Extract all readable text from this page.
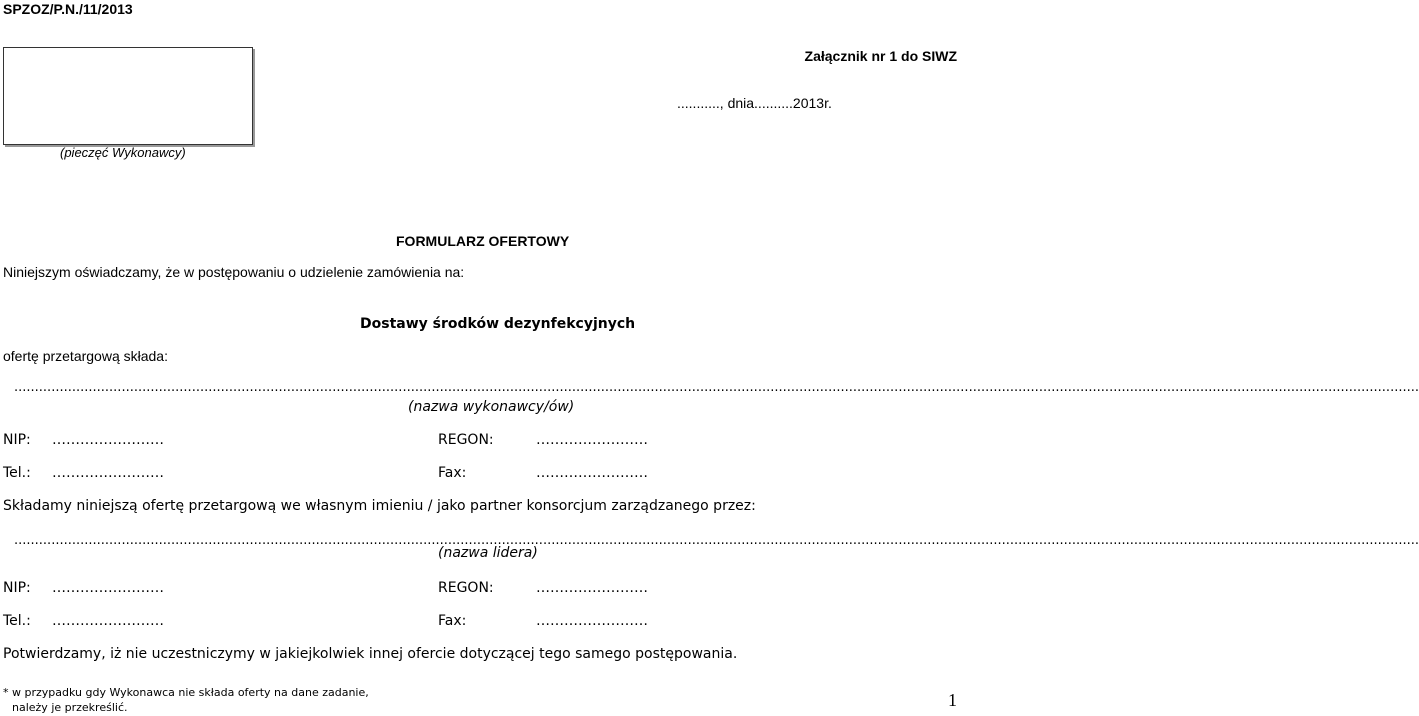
SPZOZ/P.N./11/2013
Załącznik nr 1 do SIWZ
..........., dnia..........2013r.
(pieczęć Wykonawcy)
FORMULARZ OFERTOWY
Niniejszym oświadczamy, że w postępowaniu o udzielenie zamówienia na:
Dostawy środków dezynfekcyjnych
ofertę przetargową składa:
....................................................................................................................................................................................................................................................................................................................................................
(nazwa wykonawcy/ów)
NIP: ……………………	REGON:	……………………
Tel.: ……………………	Fax:	……………………
Składamy niniejszą ofertę przetargową we własnym imieniu / jako partner konsorcjum zarządzanego przez:
....................................................................................................................................................................................................................................................................................................................................................
(nazwa lidera)
NIP: ……………………	REGON:	……………………
Tel.: ……………………	Fax:	……………………
Potwierdzamy, iż nie uczestniczymy w jakiejkolwiek innej ofercie dotyczącej tego samego postępowania.
* w przypadku gdy Wykonawca nie składa oferty na dane zadanie,
należy je przekreślić.	1
